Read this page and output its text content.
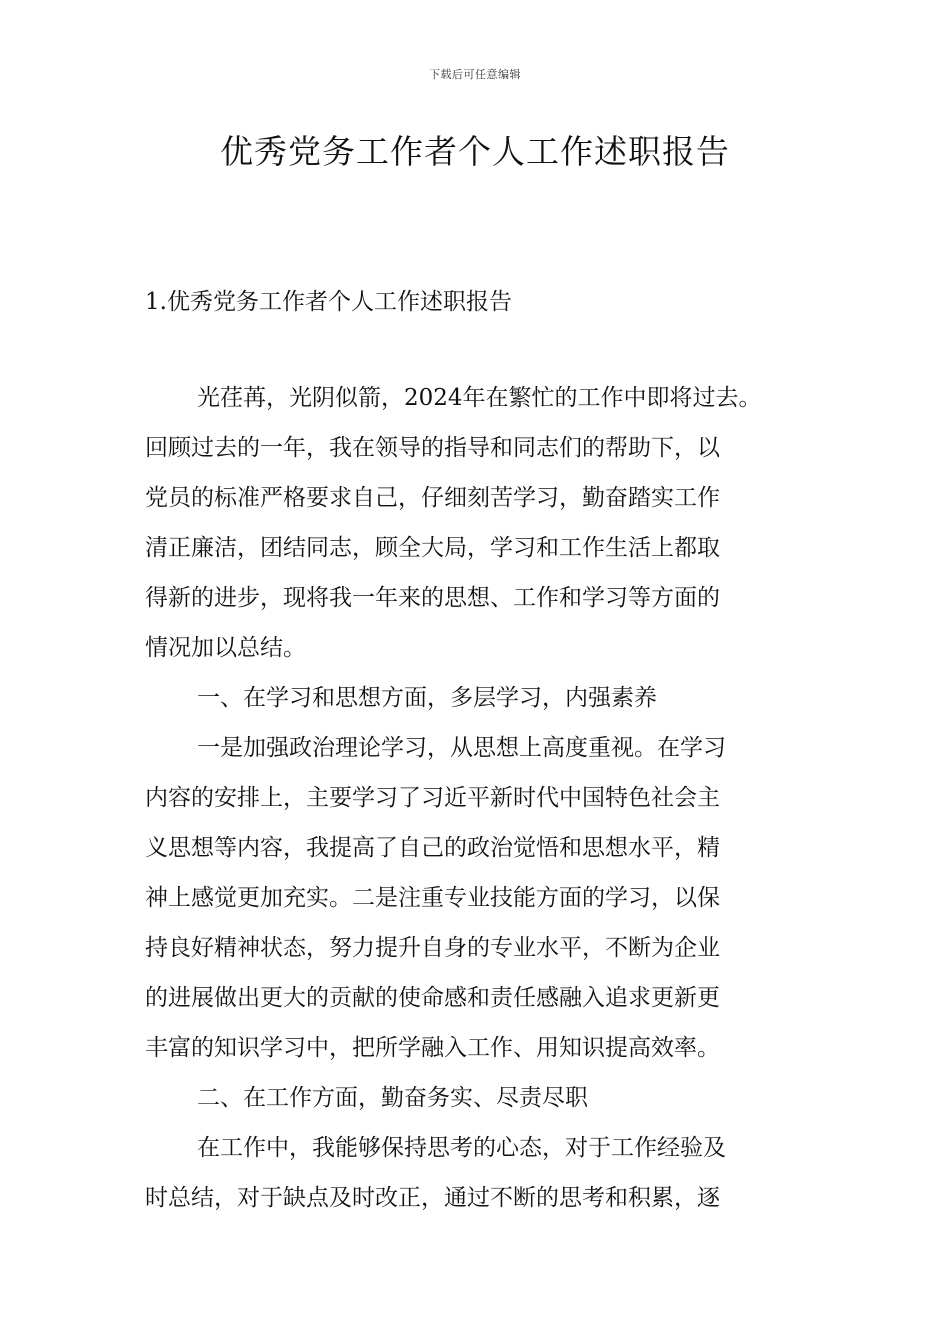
下载后可任意编辑
优秀党务工作者个人工作述职报告
1.优秀党务工作者个人工作述职报告
光荏苒，光阴似箭，2024年在繁忙的工作中即将过去。
回顾过去的一年，我在领导的指导和同志们的帮助下，以
党员的标准严格要求自己，仔细刻苦学习，勤奋踏实工作
清正廉洁，团结同志，顾全大局，学习和工作生活上都取
得新的进步，现将我一年来的思想、工作和学习等方面的
情况加以总结。
一、在学习和思想方面，多层学习，内强素养
一是加强政治理论学习，从思想上高度重视。在学习
内容的安排上，主要学习了习近平新时代中国特色社会主
义思想等内容，我提高了自己的政治觉悟和思想水平，精
神上感觉更加充实。二是注重专业技能方面的学习，以保
持良好精神状态，努力提升自身的专业水平，不断为企业
的进展做出更大的贡献的使命感和责任感融入追求更新更
丰富的知识学习中，把所学融入工作、用知识提高效率。
二、在工作方面，勤奋务实、尽责尽职
在工作中，我能够保持思考的心态，对于工作经验及
时总结，对于缺点及时改正，通过不断的思考和积累，逐
